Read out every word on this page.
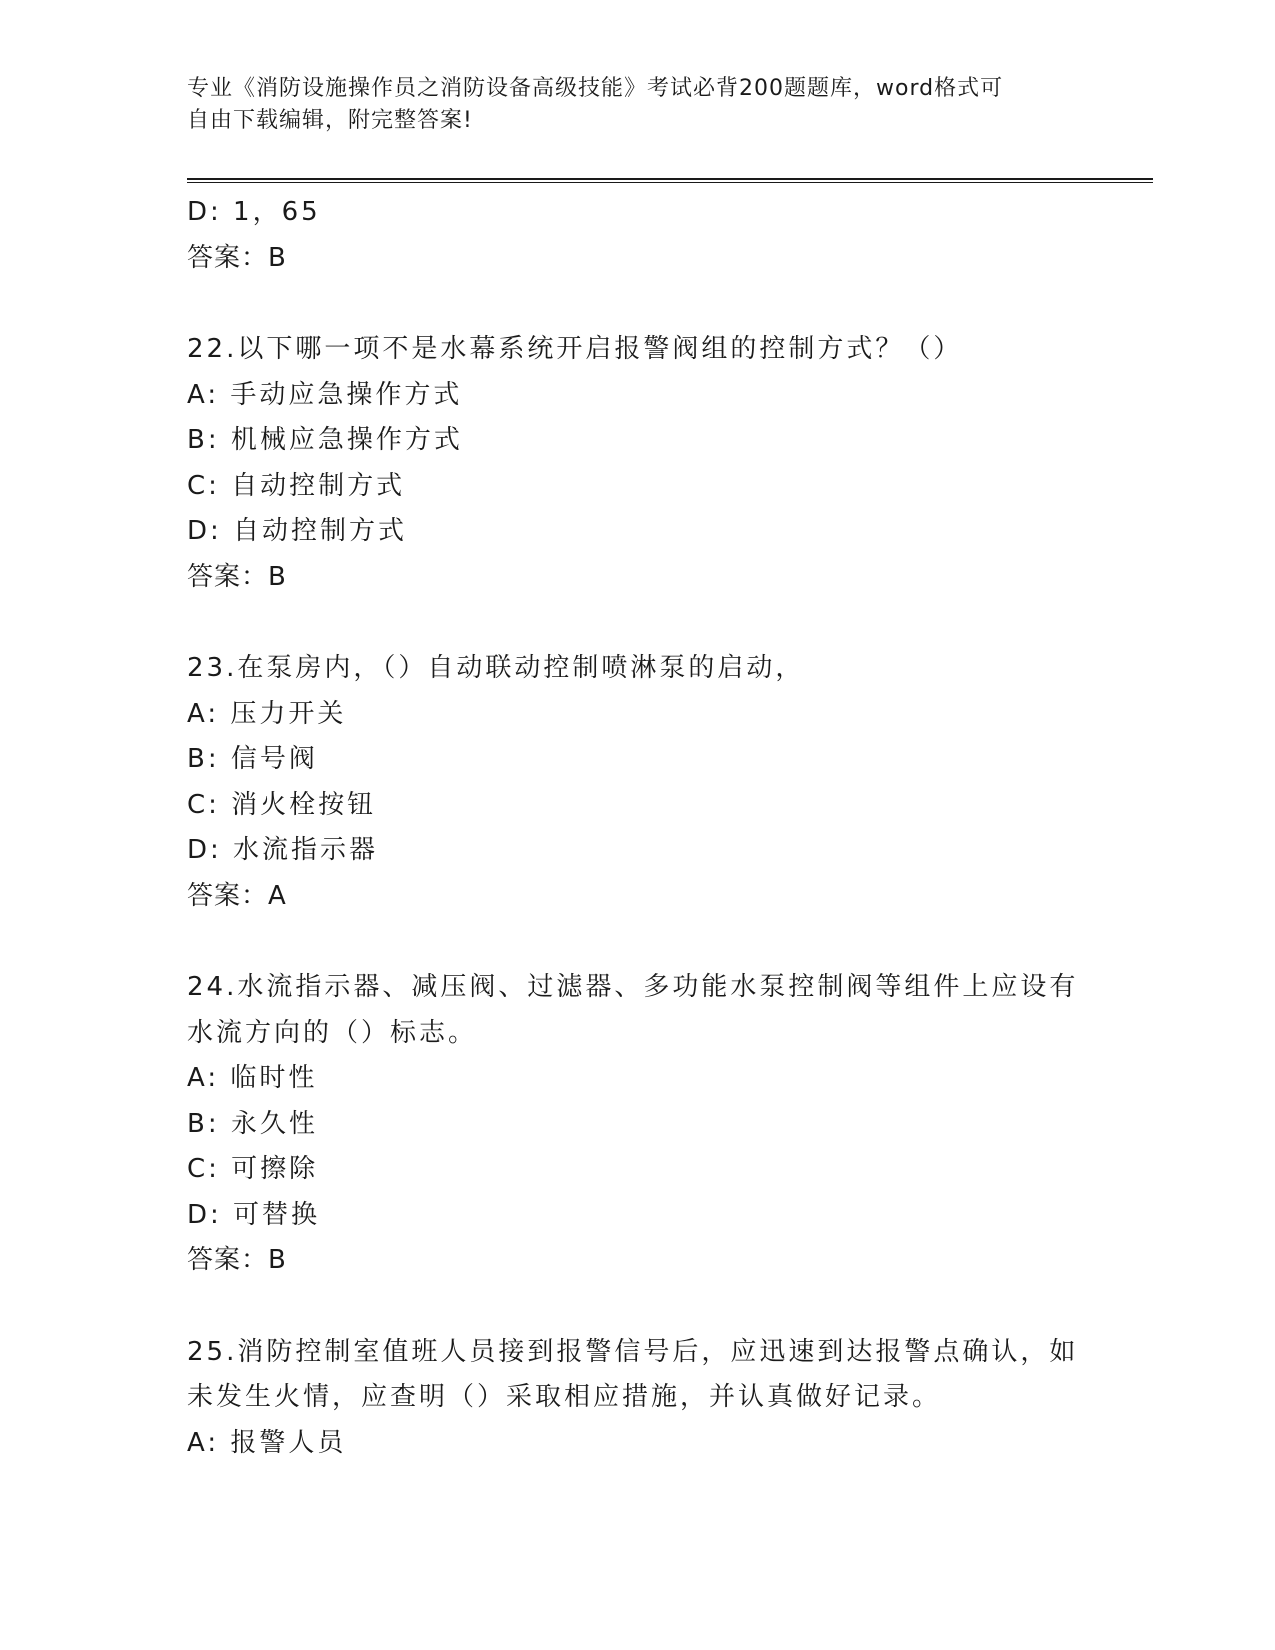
专业《消防设施操作员之消防设备高级技能》考试必背200题题库，word格式可
自由下载编辑，附完整答案!
D: 1，65
答案：B
22.以下哪一项不是水幕系统开启报警阀组的控制方式？（）
A: 手动应急操作方式
B: 机械应急操作方式
C: 自动控制方式
D: 自动控制方式
答案：B
23.在泵房内，（）自动联动控制喷淋泵的启动，
A: 压力开关
B: 信号阀
C: 消火栓按钮
D: 水流指示器
答案：A
24.水流指示器、减压阀、过滤器、多功能水泵控制阀等组件上应设有
水流方向的（）标志。
A: 临时性
B: 永久性
C: 可擦除
D: 可替换
答案：B
25.消防控制室值班人员接到报警信号后，应迅速到达报警点确认，如
未发生火情，应查明（）采取相应措施，并认真做好记录。
A: 报警人员
